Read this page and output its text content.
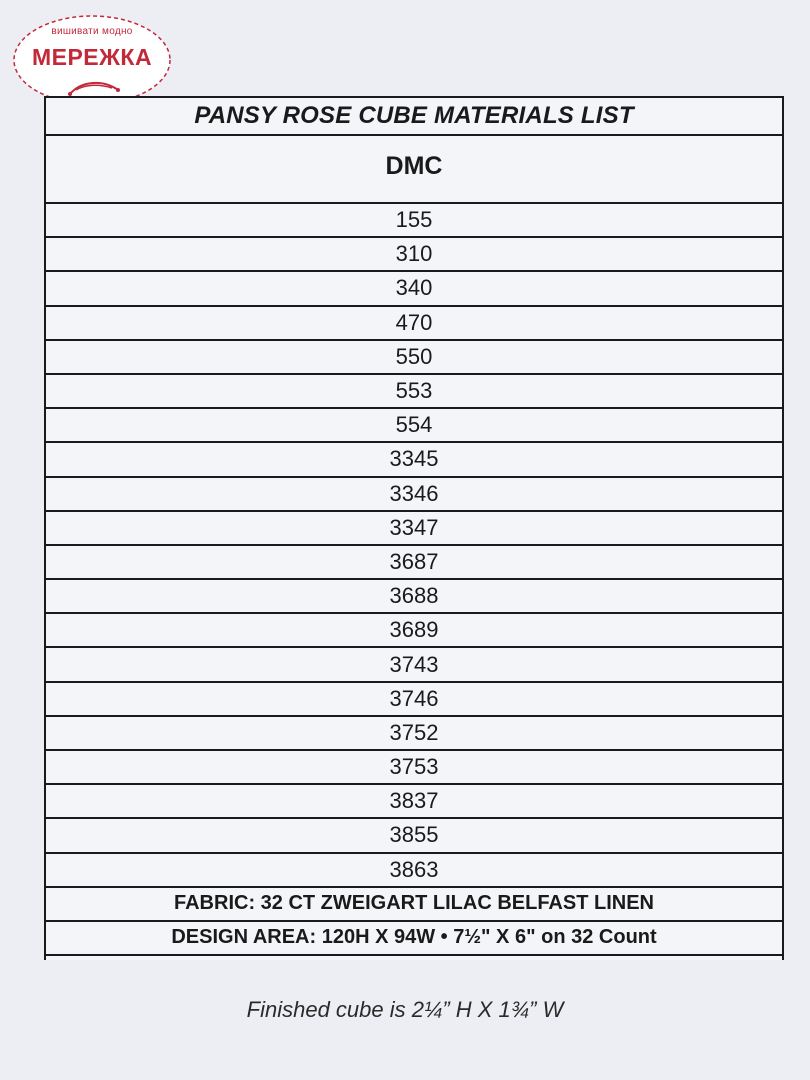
вишивати модно
МЕРЕЖКА
PANSY ROSE CUBE MATERIALS LIST
DMC
155
310
340
470
550
553
554
3345
3346
3347
3687
3688
3689
3743
3746
3752
3753
3837
3855
3863
FABRIC: 32 CT ZWEIGART LILAC BELFAST LINEN
DESIGN AREA: 120H X 94W • 7½" X 6" on 32 Count
Finished cube is 2¼” H X 1¾” W
